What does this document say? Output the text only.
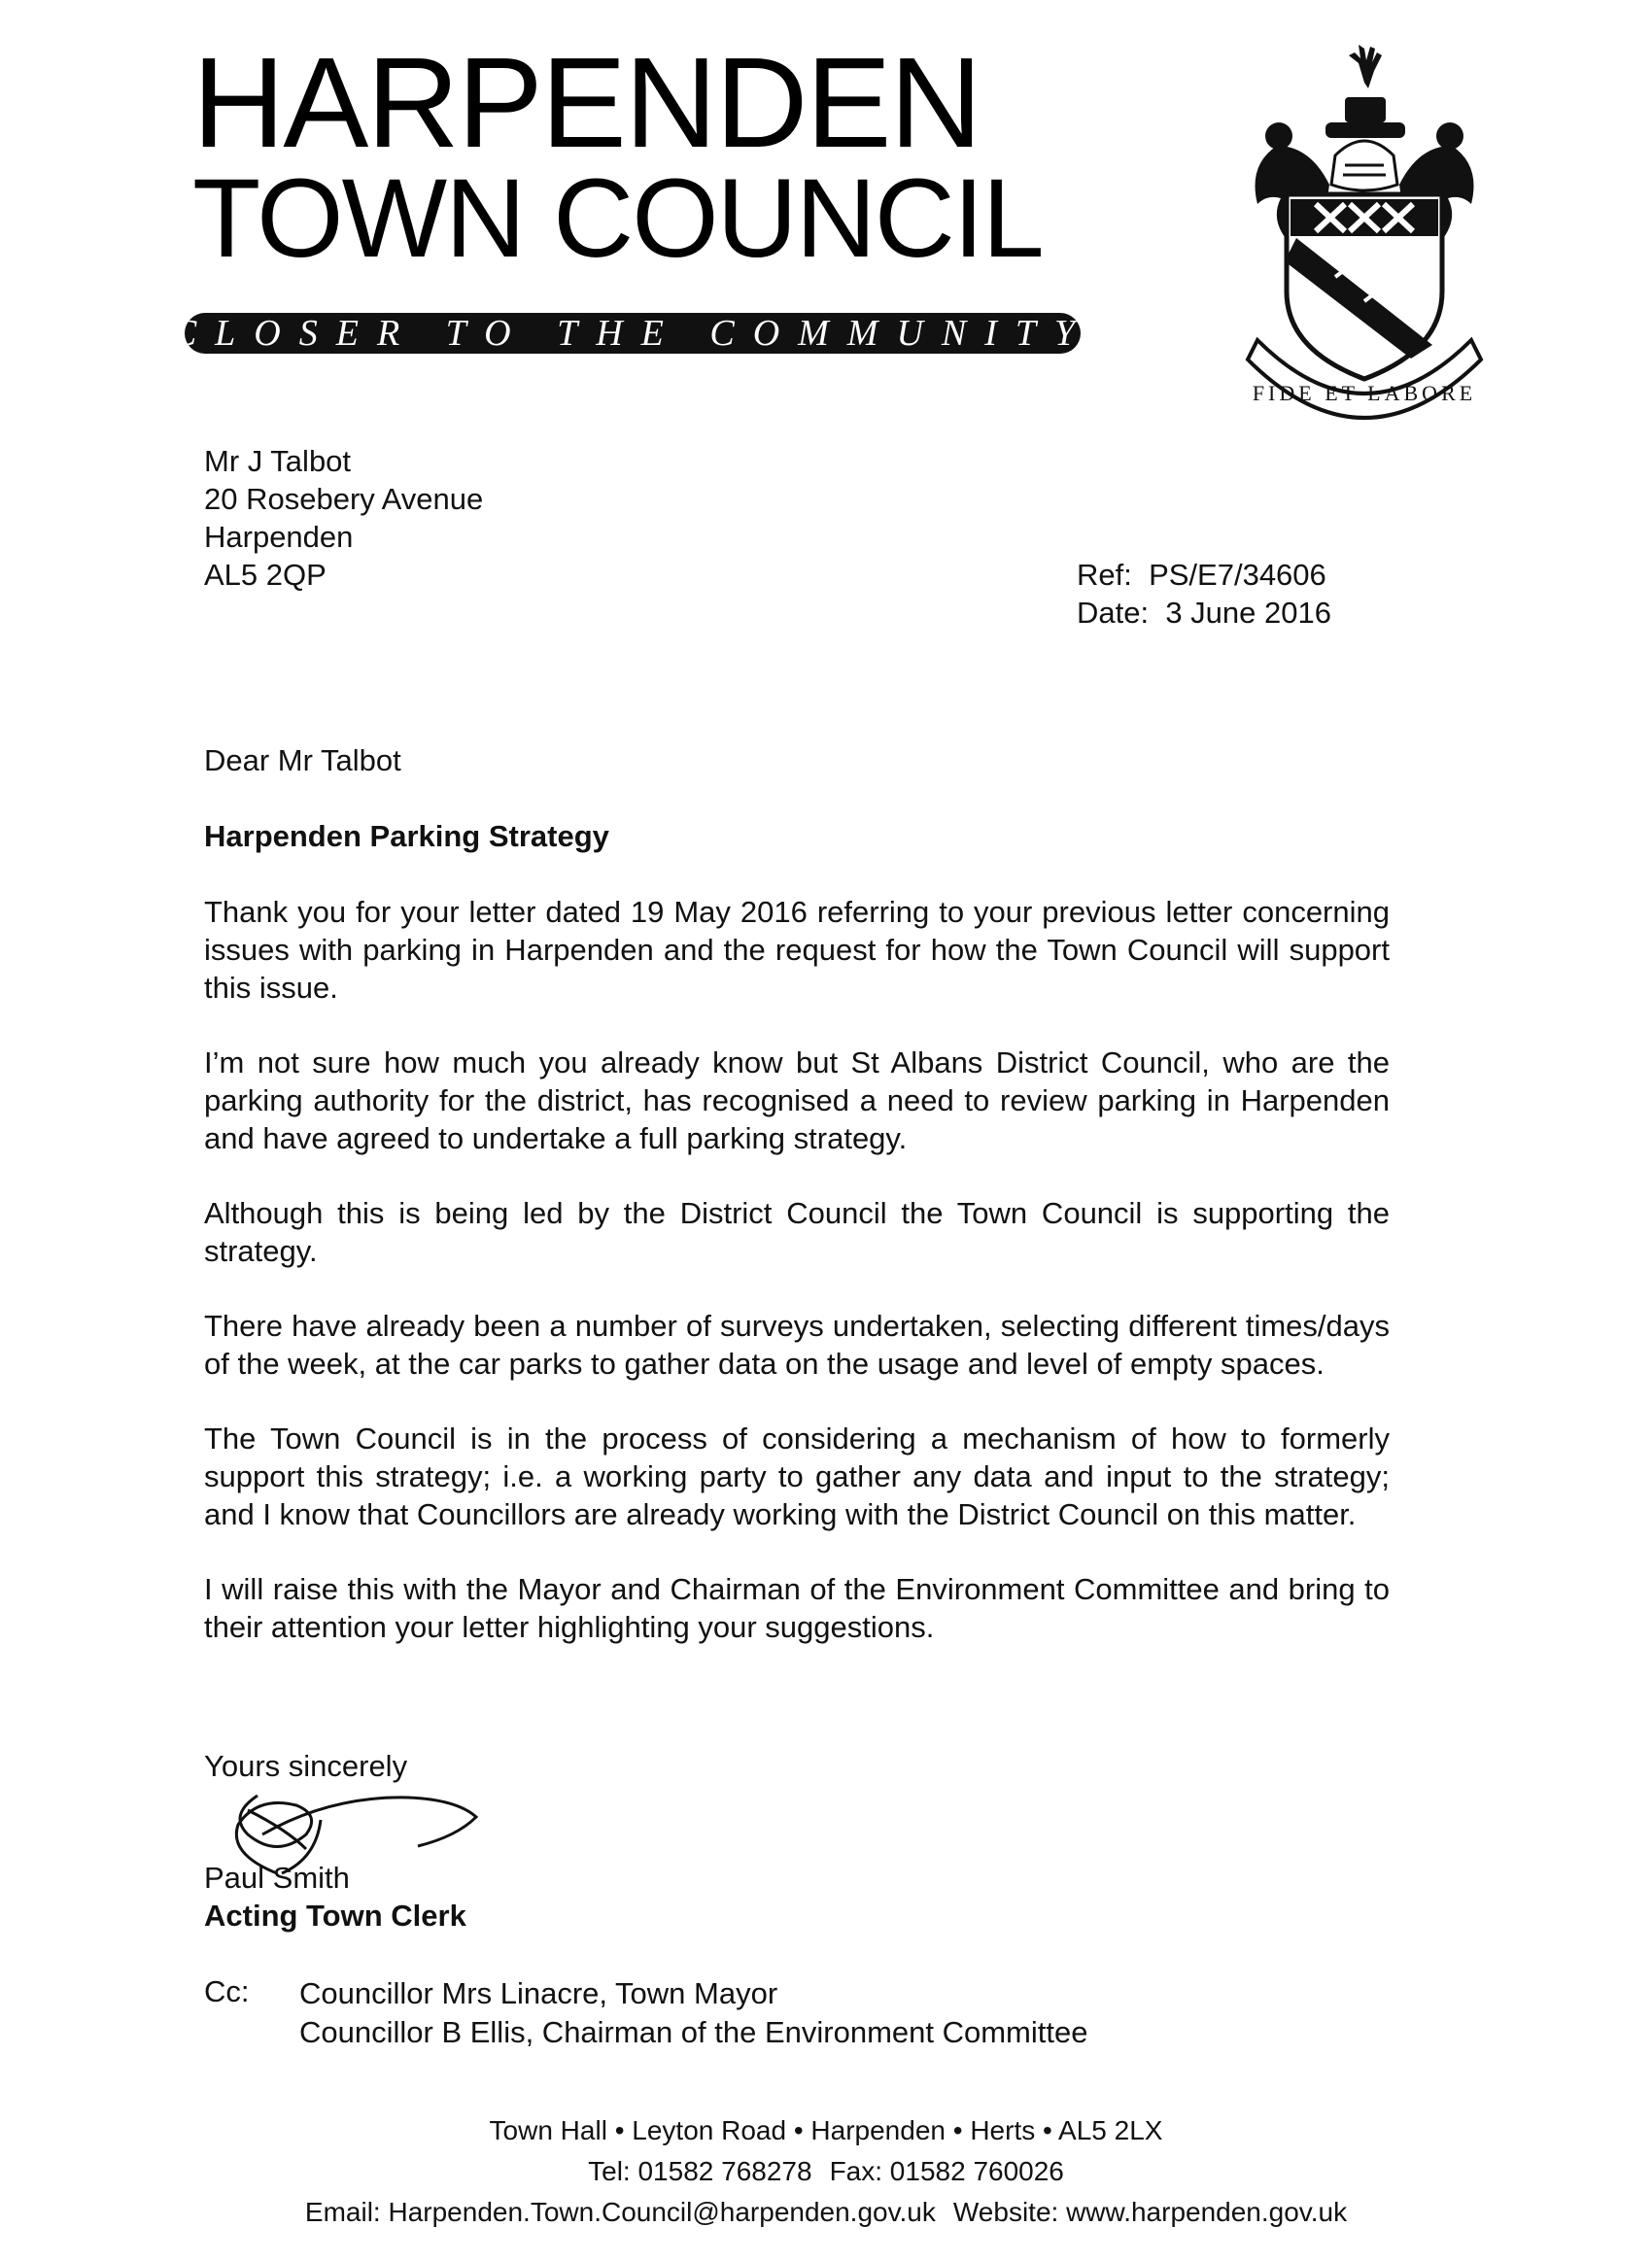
HARPENDEN
TOWN COUNCIL
CLOSER TO THE COMMUNITY
FIDE ET LABORE
Mr J Talbot
20 Rosebery Avenue
Harpenden
AL5 2QP	Ref:  PS/E7/34606
Date:  3 June 2016
Dear Mr Talbot
Harpenden Parking Strategy

Thank you for your letter dated 19 May 2016 referring to your previous letter concerning issues with parking in Harpenden and the request for how the Town Council will support this issue.

I’m not sure how much you already know but St Albans District Council, who are the parking authority for the district, has recognised a need to review parking in Harpenden and have agreed to undertake a full parking strategy.

Although this is being led by the District Council the Town Council is supporting the strategy.

There have already been a number of surveys undertaken, selecting different times/days of the week, at the car parks to gather data on the usage and level of empty spaces.

The Town Council is in the process of considering a mechanism of how to formerly support this strategy; i.e. a working party to gather any data and input to the strategy; and I know that Councillors are already working with the District Council on this matter.

I will raise this with the Mayor and Chairman of the Environment Committee and bring to their attention your letter highlighting your suggestions.

Yours sincerely
Paul Smith
Acting Town Clerk
Cc: Councillor Mrs Linacre, Town Mayor
Councillor B Ellis, Chairman of the Environment Committee
Town Hall • Leyton Road • Harpenden • Herts • AL5 2LX
Tel: 01582 768278 Fax: 01582 760026
Email: Harpenden.Town.Council@harpenden.gov.uk Website: www.harpenden.gov.uk
